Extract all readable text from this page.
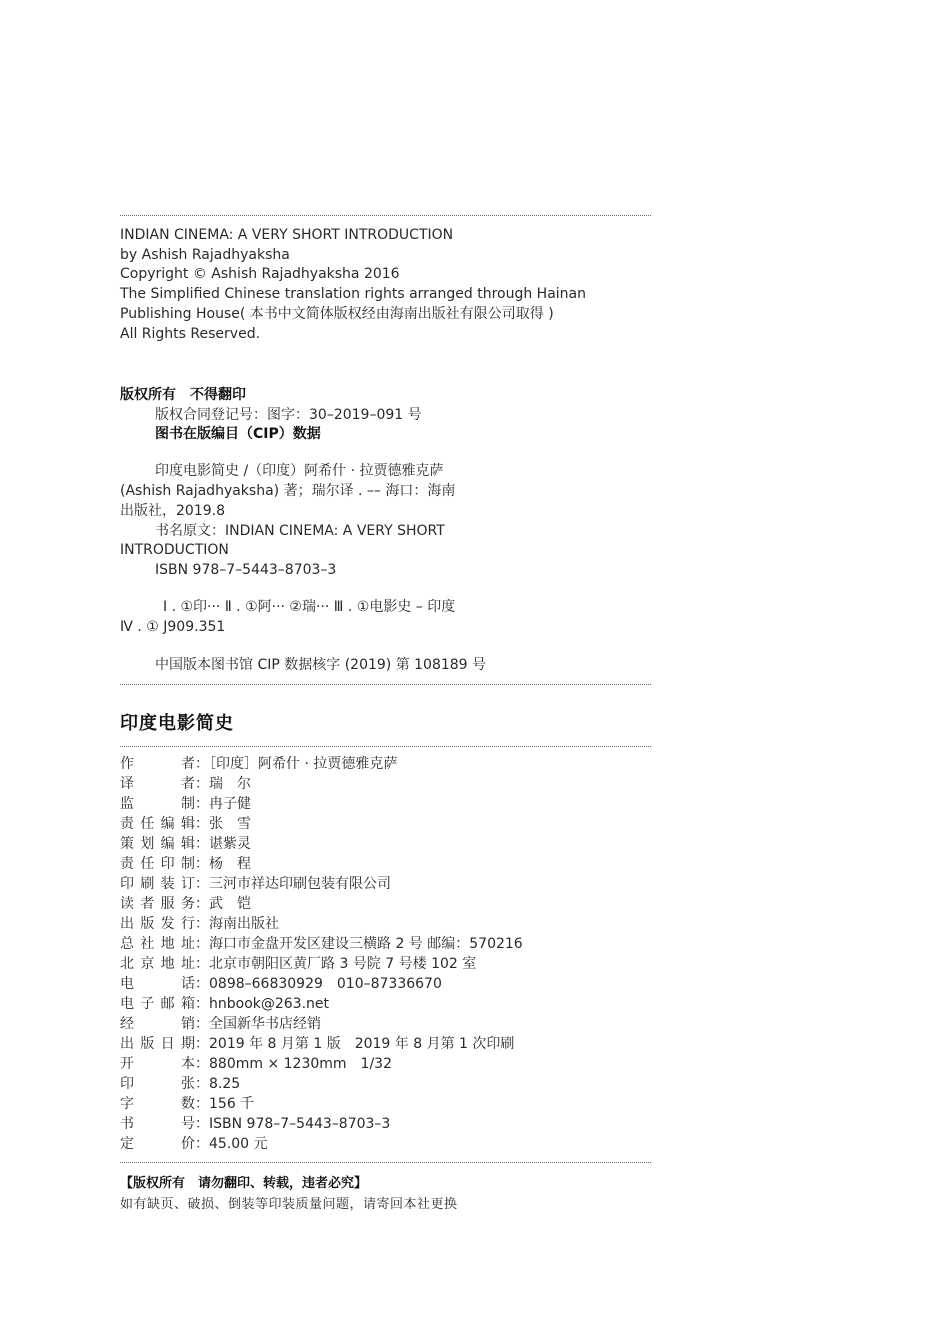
INDIAN CINEMA: A VERY SHORT INTRODUCTION
by Ashish Rajadhyaksha
Copyright © Ashish Rajadhyaksha 2016
The Simplified Chinese translation rights arranged through Hainan
Publishing House( 本书中文简体版权经由海南出版社有限公司取得 )
All Rights Reserved.
版权所有　不得翻印
版权合同登记号：图字：30–2019–091 号
图书在版编目（CIP）数据
印度电影简史 /（印度）阿希什 · 拉贾德雅克萨
(Ashish Rajadhyaksha) 著；瑞尔译 . –– 海口：海南
出版社，2019.8
书名原文：INDIAN CINEMA: A VERY SHORT
INTRODUCTION
ISBN 978–7–5443–8703–3
Ⅰ . ①印··· Ⅱ . ①阿··· ②瑞··· Ⅲ . ①电影史 – 印度
Ⅳ . ① J909.351
中国版本图书馆 CIP 数据核字 (2019) 第 108189 号
印度电影简史
作者：［印度］阿希什 · 拉贾德雅克萨
译者：瑞　尔
监制：冉子健
责任编辑：张　雪
策划编辑：谌紫灵
责任印制：杨　程
印刷装订：三河市祥达印刷包装有限公司
读者服务：武　铠
出版发行：海南出版社
总社地址：海口市金盘开发区建设三横路 2 号 邮编：570216
北京地址：北京市朝阳区黄厂路 3 号院 7 号楼 102 室
电话：0898–66830929　010–87336670
电子邮箱：hnbook@263.net
经销：全国新华书店经销
出版日期：2019 年 8 月第 1 版　2019 年 8 月第 1 次印刷
开本：880mm × 1230mm　1/32
印张：8.25
字数：156 千
书号：ISBN 978–7–5443–8703–3
定价：45.00 元
【版权所有　请勿翻印、转载，违者必究】
如有缺页、破损、倒装等印装质量问题，请寄回本社更换
